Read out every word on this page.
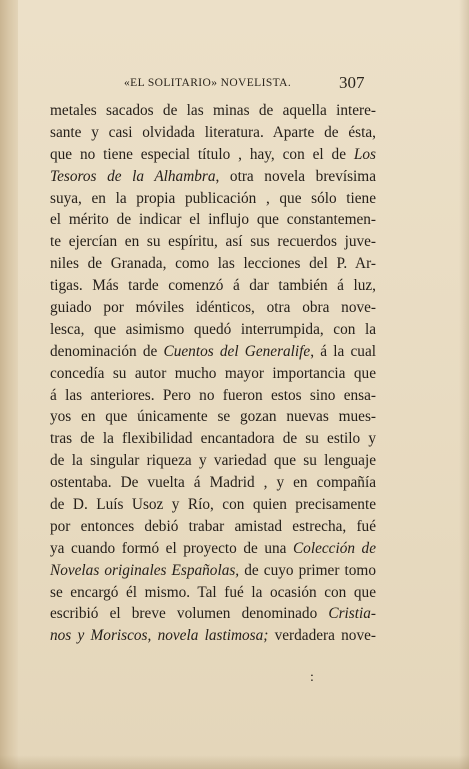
«EL SOLITARIO» NOVELISTA.	307
metales sacados de las minas de aquella intere-
sante y casi olvidada literatura. Aparte de ésta,
que no tiene especial título , hay, con el de Los
Tesoros de la Alhambra, otra novela brevísima
suya, en la propia publicación , que sólo tiene
el mérito de indicar el influjo que constantemen-
te ejercían en su espíritu, así sus recuerdos juve-
niles de Granada, como las lecciones del P. Ar-
tigas. Más tarde comenzó á dar también á luz,
guiado por móviles idénticos, otra obra nove-
lesca, que asimismo quedó interrumpida, con la
denominación de Cuentos del Generalife, á la cual
concedía su autor mucho mayor importancia que
á las anteriores. Pero no fueron estos sino ensa-
yos en que únicamente se gozan nuevas mues-
tras de la flexibilidad encantadora de su estilo y
de la singular riqueza y variedad que su lenguaje
ostentaba. De vuelta á Madrid , y en compañía
de D. Luís Usoz y Río, con quien precisamente
por entonces debió trabar amistad estrecha, fué
ya cuando formó el proyecto de una Colección de
Novelas originales Españolas, de cuyo primer tomo
se encargó él mismo. Tal fué la ocasión con que
escribió el breve volumen denominado Cristia-
nos y Moriscos, novela lastimosa; verdadera nove-
:
